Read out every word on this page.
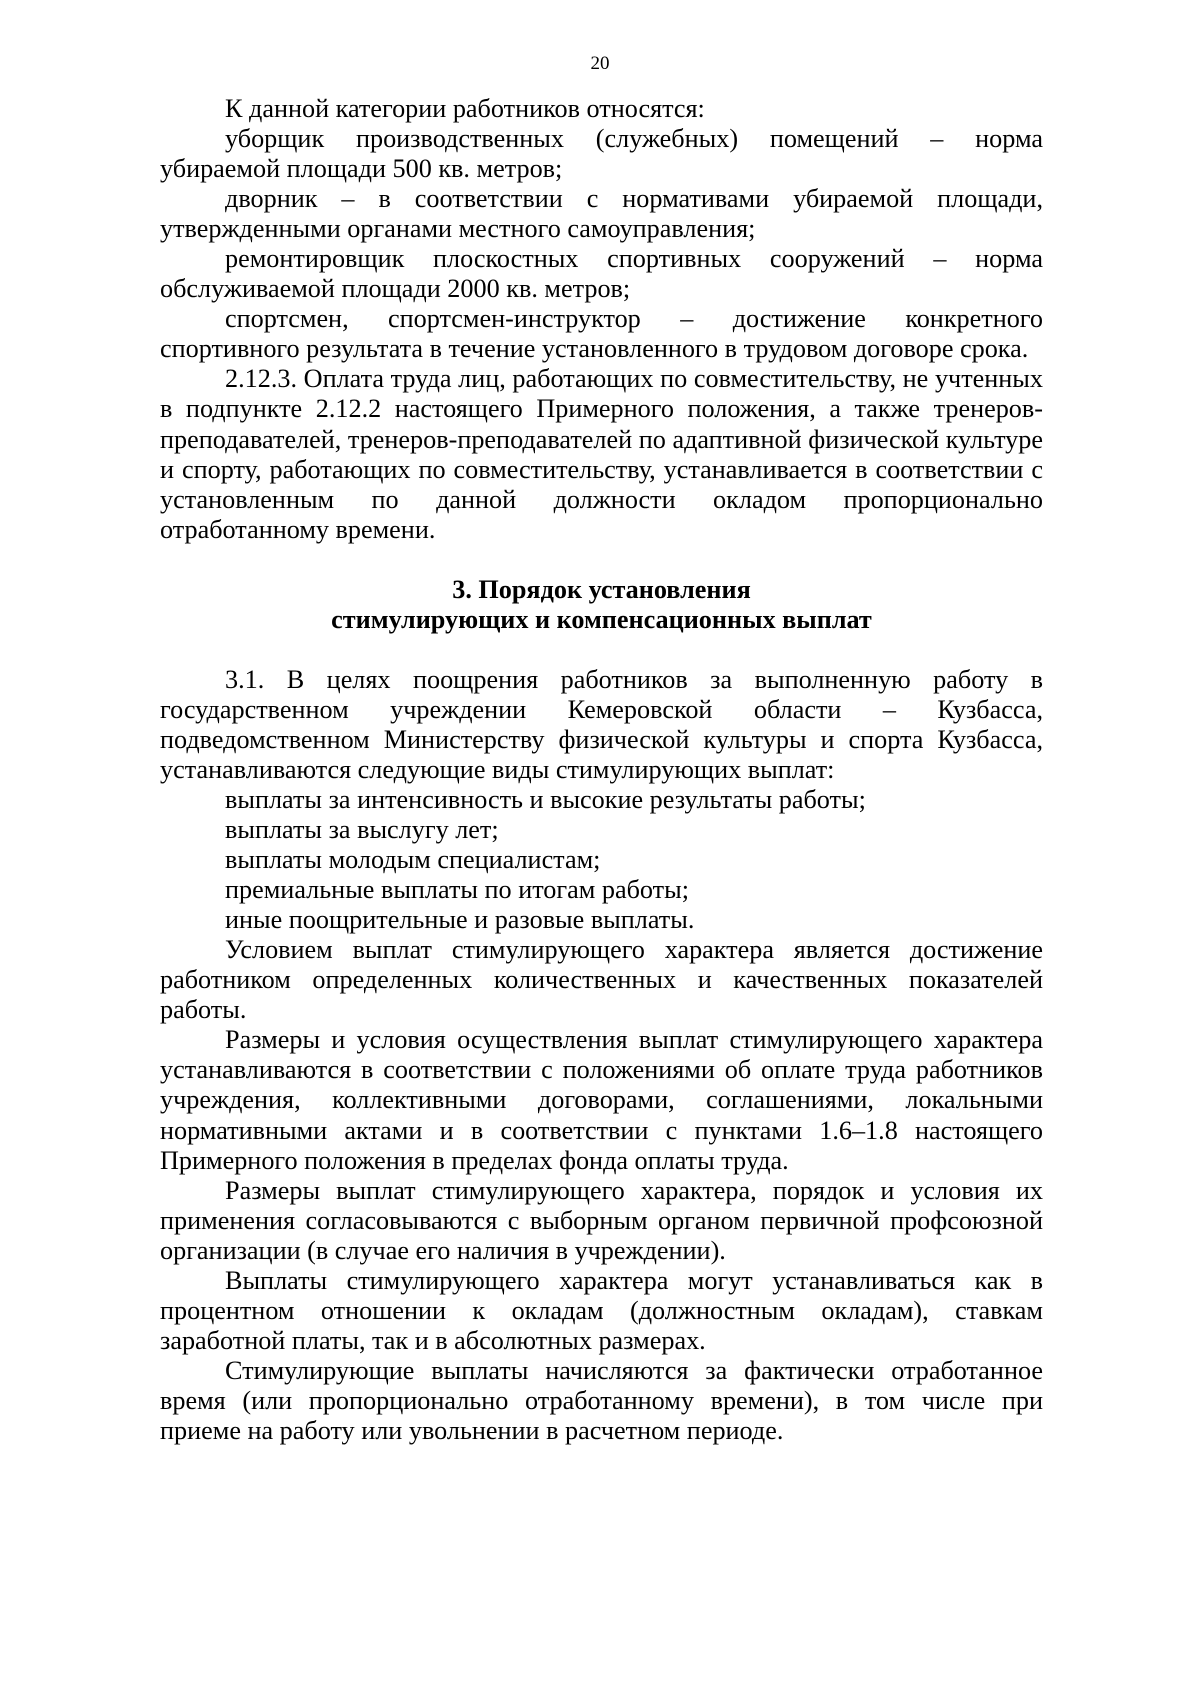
20

К данной категории работников относятся:

уборщик производственных (служебных) помещений – норма убираемой площади 500 кв. метров;

дворник – в соответствии с нормативами убираемой площади, утвержденными органами местного самоуправления;

ремонтировщик плоскостных спортивных сооружений – норма обслуживаемой площади 2000 кв. метров;

спортсмен, спортсмен-инструктор – достижение конкретного спортивного результата в течение установленного в трудовом договоре срока.

2.12.3. Оплата труда лиц, работающих по совместительству, не учтенных в подпункте 2.12.2 настоящего Примерного положения, а также тренеров-преподавателей, тренеров-преподавателей по адаптивной физической культуре и спорту, работающих по совместительству, устанавливается в соответствии с установленным по данной должности окладом пропорционально отработанному времени.

3. Порядок установления

стимулирующих и компенсационных выплат

3.1. В целях поощрения работников за выполненную работу в государственном учреждении Кемеровской области – Кузбасса, подведомственном Министерству физической культуры и спорта Кузбасса, устанавливаются следующие виды стимулирующих выплат:

выплаты за интенсивность и высокие результаты работы;

выплаты за выслугу лет;

выплаты молодым специалистам;

премиальные выплаты по итогам работы;

иные поощрительные и разовые выплаты.

Условием выплат стимулирующего характера является достижение работником определенных количественных и качественных показателей работы.

Размеры и условия осуществления выплат стимулирующего характера устанавливаются в соответствии с положениями об оплате труда работников учреждения, коллективными договорами, соглашениями, локальными нормативными актами и в соответствии с пунктами 1.6–1.8 настоящего Примерного положения в пределах фонда оплаты труда.

Размеры выплат стимулирующего характера, порядок и условия их применения согласовываются с выборным органом первичной профсоюзной организации (в случае его наличия в учреждении).

Выплаты стимулирующего характера могут устанавливаться как в процентном отношении к окладам (должностным окладам), ставкам заработной платы, так и в абсолютных размерах.

Стимулирующие выплаты начисляются за фактически отработанное время (или пропорционально отработанному времени), в том числе при приеме на работу или увольнении в расчетном периоде.
